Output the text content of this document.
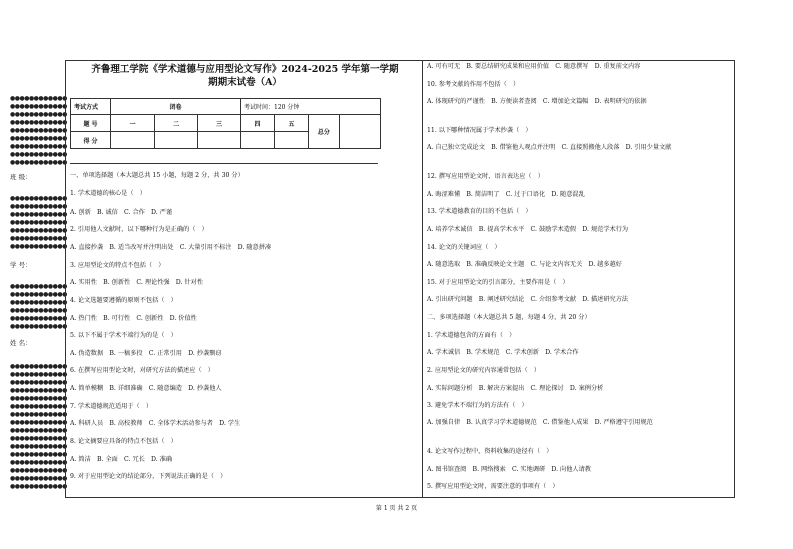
●●●●●●●●●●●●
●●●●●●●●●●●●
●●●●●●●●●●●●
●●●●●●●●●●●●
●●●●●●●●●●●●
●●●●●●●●●●●●
●●●●●●●●●●●●
●●●●●●●●●●●●
●●●●●●●●●●●●
班 级：
●●●●●●●●●●●●
●●●●●●●●●●●●
●●●●●●●●●●●●
●●●●●●●●●●●●
●●●●●●●●●●●●
●●●●●●●●●●●●
●●●●●●●●●●●●
学 号：
●●●●●●●●●●●●
●●●●●●●●●●●●
●●●●●●●●●●●●
●●●●●●●●●●●●
●●●●●●●●●●●●
●●●●●●●●●●●●
姓 名：
●●●●●●●●●●●●
●●●●●●●●●●●●
●●●●●●●●●●●●
●●●●●●●●●●●●
●●●●●●●●●●●●
●●●●●●●●●●●●
●●●●●●●●●●●●
●●●●●●●●●●●●
●●●●●●●●●●●●
●●●●●●●●●●●●
●●●●●●●●●●●●
●●●●●●●●●●●●
●●●●●●●●●●●●
●●●●●●●●●●●●
●●●●●●●●●●●●
●●●●●●●●●●●●
齐鲁理工学院《学术道德与应用型论文写作》2024-2025 学年第一学期
期期末试卷（A）
考试方式	闭卷			考试时间：120 分钟			
题 号	一	二	三	四	五	总分	
得 分							
一、单项选择题（本大题总共 15 小题，每题 2 分，共 30 分）
1. 学术道德的核心是（　）
A. 创新　B. 诚信　C. 合作　D. 严谨
2. 引用他人文献时，以下哪种行为是正确的（　）
A. 直接抄袭　B. 适当改写并注明出处　C. 大量引用不标注　D. 随意拼凑
3. 应用型论文的特点不包括（　）
A. 实用性　B. 创新性　C. 理论性强　D. 针对性
4. 论文选题要遵循的原则不包括（　）
A. 热门性　B. 可行性　C. 创新性　D. 价值性
5. 以下不属于学术不端行为的是（　）
A. 伪造数据　B. 一稿多投　C. 正常引用　D. 抄袭剽窃
6. 在撰写应用型论文时，对研究方法的描述应（　）
A. 简单模糊　B. 详细准确　C. 随意编造　D. 抄袭他人
7. 学术道德规范适用于（　）
A. 科研人员　B. 高校教师　C. 全体学术活动参与者　D. 学生
8. 论文摘要应具备的特点不包括（　）
A. 简洁　B. 全面　C. 冗长　D. 准确
9. 对于应用型论文的结论部分，下列说法正确的是（　）
A. 可有可无　B. 要总结研究成果和应用价值　C. 随意撰写　D. 重复前文内容
10. 参考文献的作用不包括（　）
A. 体现研究的严谨性　B. 方便读者查阅　C. 增加论文篇幅　D. 表明研究的依据
11. 以下哪种情况属于学术抄袭（　）
A. 自己独立完成论文　B. 借鉴他人观点并注明　C. 直接照搬他人段落　D. 引用少量文献
12. 撰写应用型论文时，语言表达应（　）
A. 晦涩难懂　B. 简洁明了　C. 过于口语化　D. 随意混乱
13. 学术道德教育的目的不包括（　）
A. 培养学术诚信　B. 提高学术水平　C. 鼓励学术造假　D. 规范学术行为
14. 论文的关键词应（　）
A. 随意选取　B. 准确反映论文主题　C. 与论文内容无关　D. 越多越好
15. 对于应用型论文的引言部分，主要作用是（　）
A. 引出研究问题　B. 阐述研究结论　C. 介绍参考文献　D. 描述研究方法
二、多项选择题（本大题总共 5 题，每题 4 分，共 20 分）
1. 学术道德包含的方面有（　）
A. 学术诚信　B. 学术规范　C. 学术创新　D. 学术合作
2. 应用型论文的研究内容通常包括（　）
A. 实际问题分析　B. 解决方案提出　C. 理论探讨　D. 案例分析
3. 避免学术不端行为的方法有（　）
A. 加强自律　B. 认真学习学术道德规范　C. 借鉴他人成果　D. 严格遵守引用规范
4. 论文写作过程中，资料收集的途径有（　）
A. 图书馆查阅　B. 网络搜索　C. 实地调研　D. 向他人请教
5. 撰写应用型论文时，需要注意的事项有（　）
第 1 页 共 2 页
